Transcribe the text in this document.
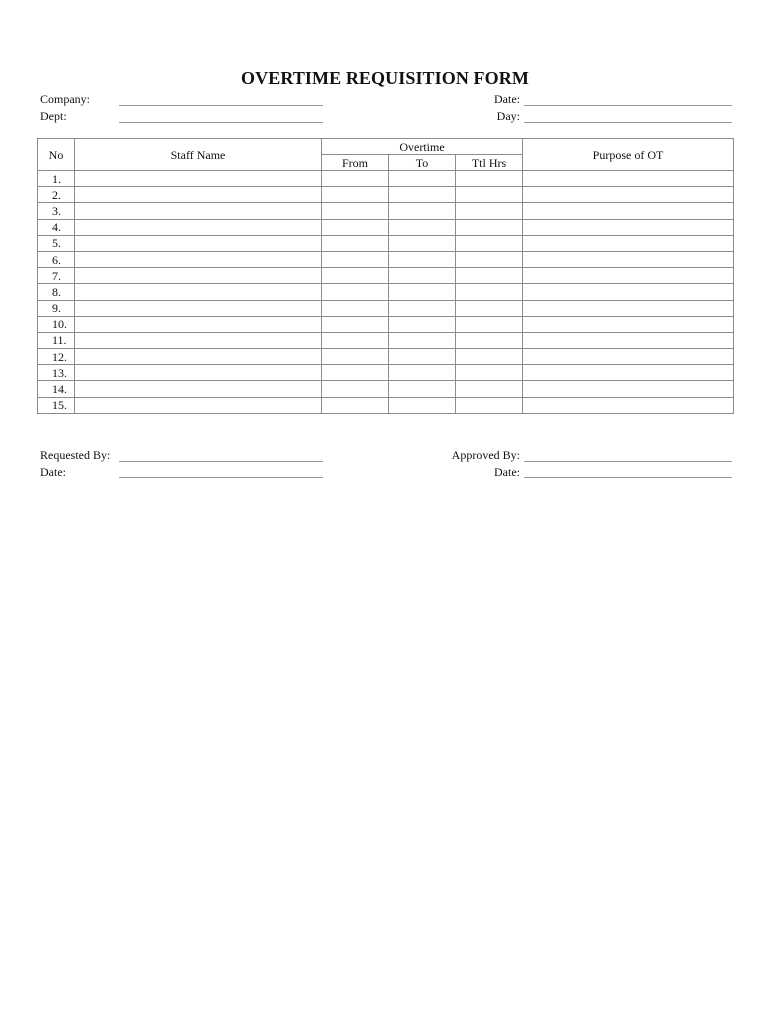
OVERTIME REQUISITION FORM
Company:
Dept:
Date:
Day:
No	Staff Name	Overtime			Purpose of OT
		From	To	Ttl Hrs	
1.					
2.					
3.					
4.					
5.					
6.					
7.					
8.					
9.					
10.					
11.					
12.					
13.					
14.					
15.					
Requested By:
Date:
Approved By:
Date:
